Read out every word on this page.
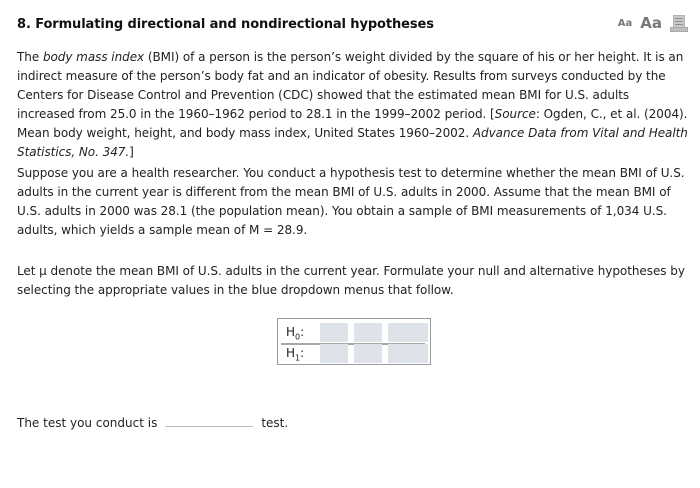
8. Formulating directional and nondirectional hypotheses	Aa Aa
The body mass index (BMI) of a person is the person’s weight divided by the square of his or her height. It is an indirect measure of the person’s body fat and an indicator of obesity. Results from surveys conducted by the Centers for Disease Control and Prevention (CDC) showed that the estimated mean BMI for U.S. adults increased from 25.0 in the 1960–1962 period to 28.1 in the 1999–2002 period. [Source: Ogden, C., et al. (2004). Mean body weight, height, and body mass index, United States 1960–2002. Advance Data from Vital and Health Statistics, No. 347.]
Suppose you are a health researcher. You conduct a hypothesis test to determine whether the mean BMI of U.S. adults in the current year is different from the mean BMI of U.S. adults in 2000. Assume that the mean BMI of U.S. adults in 2000 was 28.1 (the population mean). You obtain a sample of BMI measurements of 1,034 U.S. adults, which yields a sample mean of M = 28.9.
Let μ denote the mean BMI of U.S. adults in the current year. Formulate your null and alternative hypotheses by selecting the appropriate values in the blue dropdown menus that follow.
$H_0$:
$H_1$:
The test you conduct is	test.
